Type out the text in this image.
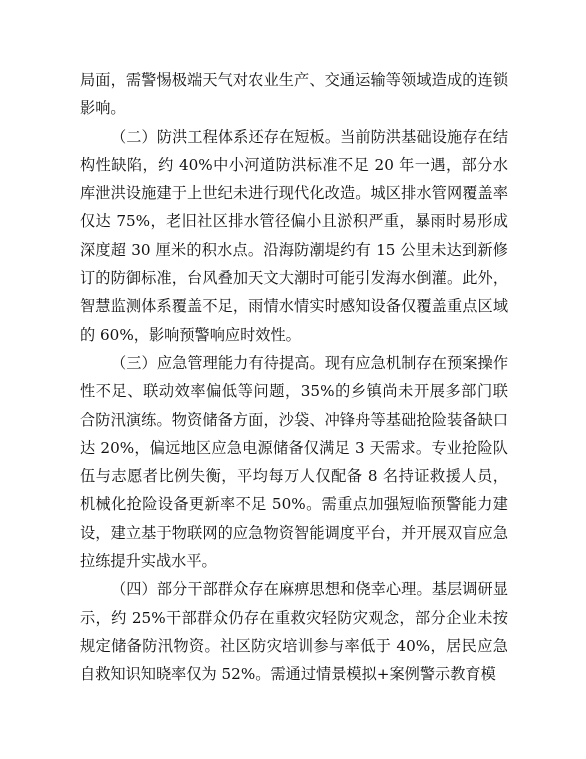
局面，需警惕极端天气对农业生产、交通运输等领域造成的连锁影响。

（二）防洪工程体系还存在短板。当前防洪基础设施存在结构性缺陷，约 40%中小河道防洪标准不足 20 年一遇，部分水库泄洪设施建于上世纪未进行现代化改造。城区排水管网覆盖率仅达 75%，老旧社区排水管径偏小且淤积严重，暴雨时易形成深度超 30 厘米的积水点。沿海防潮堤约有 15 公里未达到新修订的防御标准，台风叠加天文大潮时可能引发海水倒灌。此外，智慧监测体系覆盖不足，雨情水情实时感知设备仅覆盖重点区域的 60%，影响预警响应时效性。

（三）应急管理能力有待提高。现有应急机制存在预案操作性不足、联动效率偏低等问题，35%的乡镇尚未开展多部门联合防汛演练。物资储备方面，沙袋、冲锋舟等基础抢险装备缺口达 20%，偏远地区应急电源储备仅满足 3 天需求。专业抢险队伍与志愿者比例失衡，平均每万人仅配备 8 名持证救援人员，机械化抢险设备更新率不足 50%。需重点加强短临预警能力建设，建立基于物联网的应急物资智能调度平台，并开展双盲应急拉练提升实战水平。

（四）部分干部群众存在麻痹思想和侥幸心理。基层调研显示，约 25%干部群众仍存在重救灾轻防灾观念，部分企业未按规定储备防汛物资。社区防灾培训参与率低于 40%，居民应急自救知识知晓率仅为 52%。需通过情景模拟+案例警示教育模
